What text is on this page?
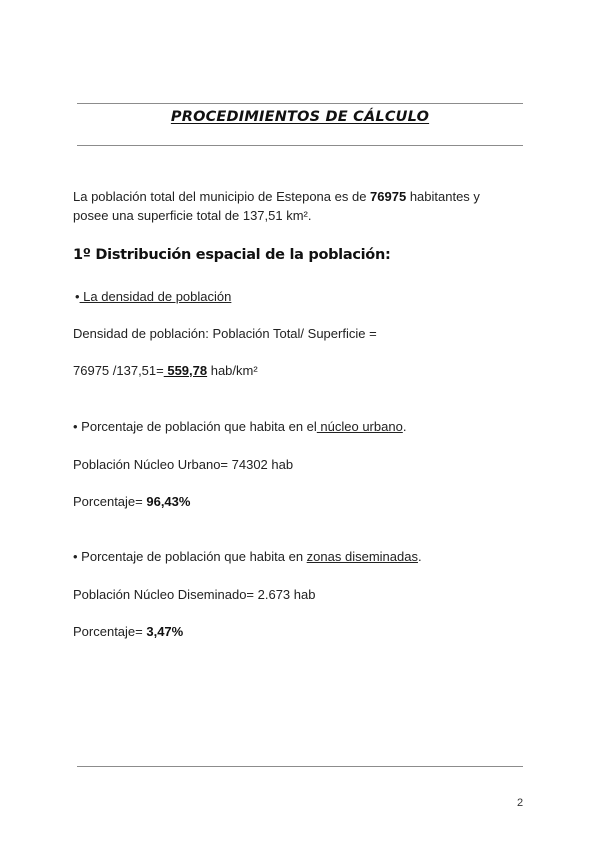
PROCEDIMIENTOS DE CÁLCULO
La población total del municipio de Estepona es de 76975 habitantes y
posee una superficie total de 137,51 km².
1º Distribución espacial de la población:
• La densidad de población
Densidad de población: Población Total/ Superficie =
76975 /137,51= 559,78 hab/km²
• Porcentaje de población que habita en el núcleo urbano.
Población Núcleo Urbano= 74302 hab
Porcentaje= 96,43%
• Porcentaje de población que habita en zonas diseminadas.
Población Núcleo Diseminado= 2.673 hab
Porcentaje= 3,47%
2
